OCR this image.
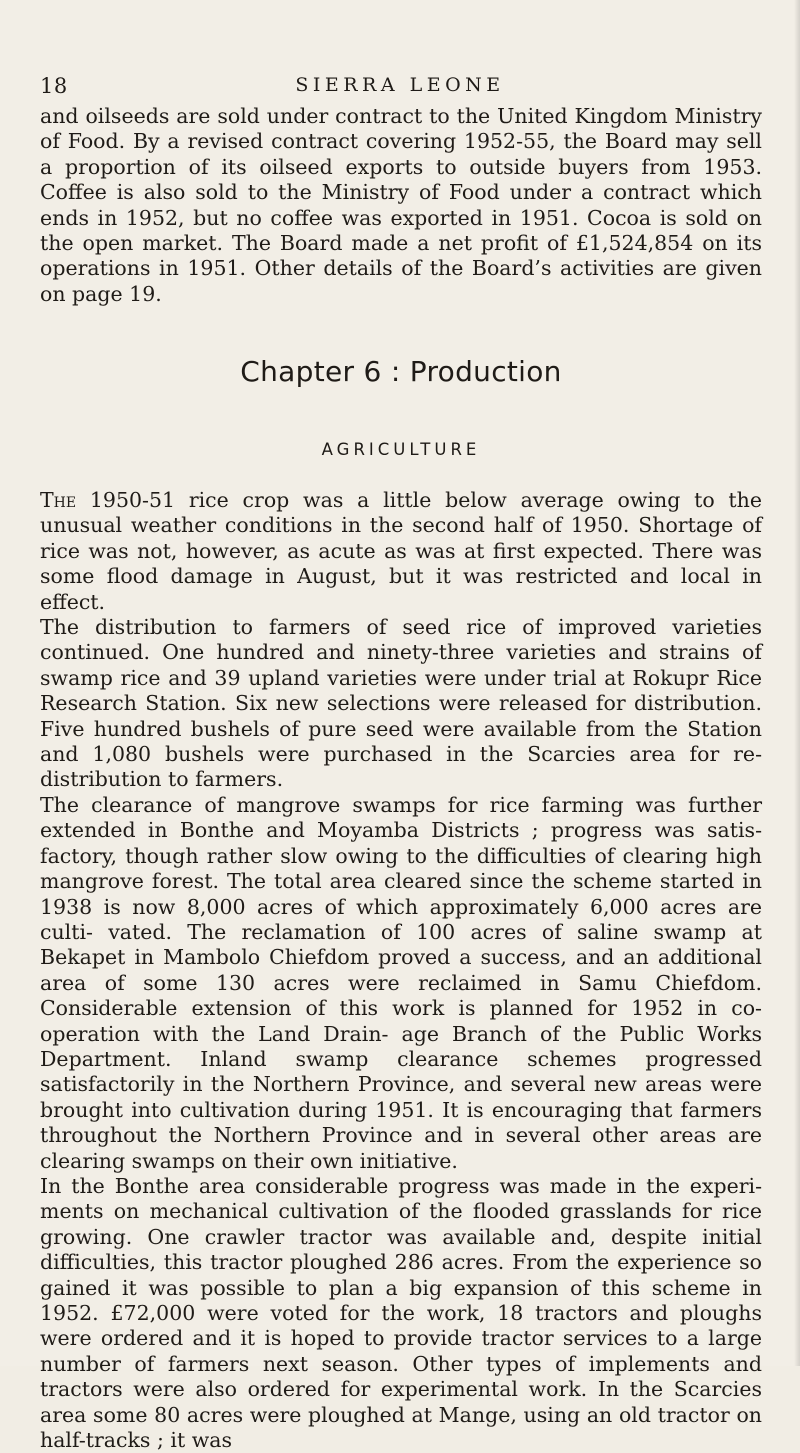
18	SIERRA LEONE

and oilseeds are sold under contract to the United Kingdom Ministry of Food. By a revised contract covering 1952-55, the Board may sell a proportion of its oilseed exports to outside buyers from 1953. Coffee is also sold to the Ministry of Food under a contract which ends in 1952, but no coffee was exported in 1951. Cocoa is sold on the open market. The Board made a net profit of £1,524,854 on its operations in 1951. Other details of the Board’s activities are given on page 19.

Chapter 6 : Production
AGRICULTURE

The 1950-51 rice crop was a little below average owing to the unusual weather conditions in the second half of 1950. Shortage of rice was not, however, as acute as was at first expected. There was some flood damage in August, but it was restricted and local in effect.

The distribution to farmers of seed rice of improved varieties continued. One hundred and ninety-three varieties and strains of swamp rice and 39 upland varieties were under trial at Rokupr Rice Research Station. Six new selections were released for distribution. Five hundred bushels of pure seed were available from the Station and 1,080 bushels were purchased in the Scarcies area for re-distribution to farmers.

The clearance of mangrove swamps for rice farming was further extended in Bonthe and Moyamba Districts ; progress was satis- factory, though rather slow owing to the difficulties of clearing high mangrove forest. The total area cleared since the scheme started in 1938 is now 8,000 acres of which approximately 6,000 acres are culti- vated. The reclamation of 100 acres of saline swamp at Bekapet in Mambolo Chiefdom proved a success, and an additional area of some 130 acres were reclaimed in Samu Chiefdom. Considerable extension of this work is planned for 1952 in co-operation with the Land Drain- age Branch of the Public Works Department. Inland swamp clearance schemes progressed satisfactorily in the Northern Province, and several new areas were brought into cultivation during 1951. It is encouraging that farmers throughout the Northern Province and in several other areas are clearing swamps on their own initiative.

In the Bonthe area considerable progress was made in the experi- ments on mechanical cultivation of the flooded grasslands for rice growing. One crawler tractor was available and, despite initial difficulties, this tractor ploughed 286 acres. From the experience so gained it was possible to plan a big expansion of this scheme in 1952. £72,000 were voted for the work, 18 tractors and ploughs were ordered and it is hoped to provide tractor services to a large number of farmers next season. Other types of implements and tractors were also ordered for experimental work. In the Scarcies area some 80 acres were ploughed at Mange, using an old tractor on half-tracks ; it was
